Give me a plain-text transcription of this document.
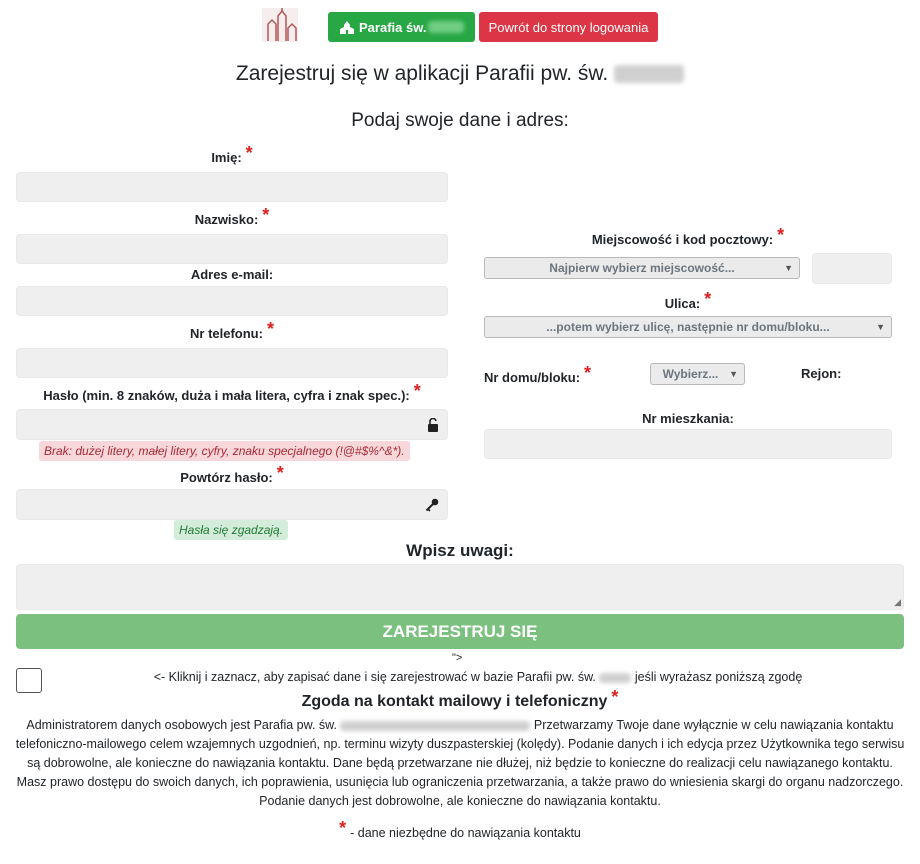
Parafia św.	Powrót do strony logowania
Zarejestruj się w aplikacji Parafii pw. św.
Podaj swoje dane i adres:
Imię: *
Nazwisko: *
Adres e-mail:
Nr telefonu: *
Hasło (min. 8 znaków, duża i mała litera, cyfra i znak spec.): *
Brak: dużej litery, małej litery, cyfry, znaku specjalnego (!@#$%^&*).
Powtórz hasło: *
Hasła się zgadzają.
Miejscowość i kod pocztowy: *
Najpierw wybierz miejscowość...	▼
Ulica: *
...potem wybierz ulicę, następnie nr domu/bloku...	▼
Nr domu/bloku: *	Wybierz... ▼	Rejon:
Nr mieszkania:
Wpisz uwagi:
◢
ZAREJESTRUJ SIĘ
">
<- Kliknij i zaznacz, aby zapisać dane i się zarejestrować w bazie Parafii pw. św.	jeśli wyrażasz poniższą zgodę
Zgoda na kontakt mailowy i telefoniczny *
Administratorem danych osobowych jest Parafia pw. św.	Przetwarzamy Twoje dane wyłącznie w celu nawiązania kontaktu telefoniczno-mailowego celem wzajemnych uzgodnień, np. terminu wizyty duszpasterskiej (kolędy). Podanie danych i ich edycja przez Użytkownika tego serwisu są dobrowolne, ale konieczne do nawiązania kontaktu. Dane będą przetwarzane nie dłużej, niż będzie to konieczne do realizacji celu nawiązanego kontaktu. Masz prawo dostępu do swoich danych, ich poprawienia, usunięcia lub ograniczenia przetwarzania, a także prawo do wniesienia skargi do organu nadzorczego. Podanie danych jest dobrowolne, ale konieczne do nawiązania kontaktu.
* - dane niezbędne do nawiązania kontaktu
